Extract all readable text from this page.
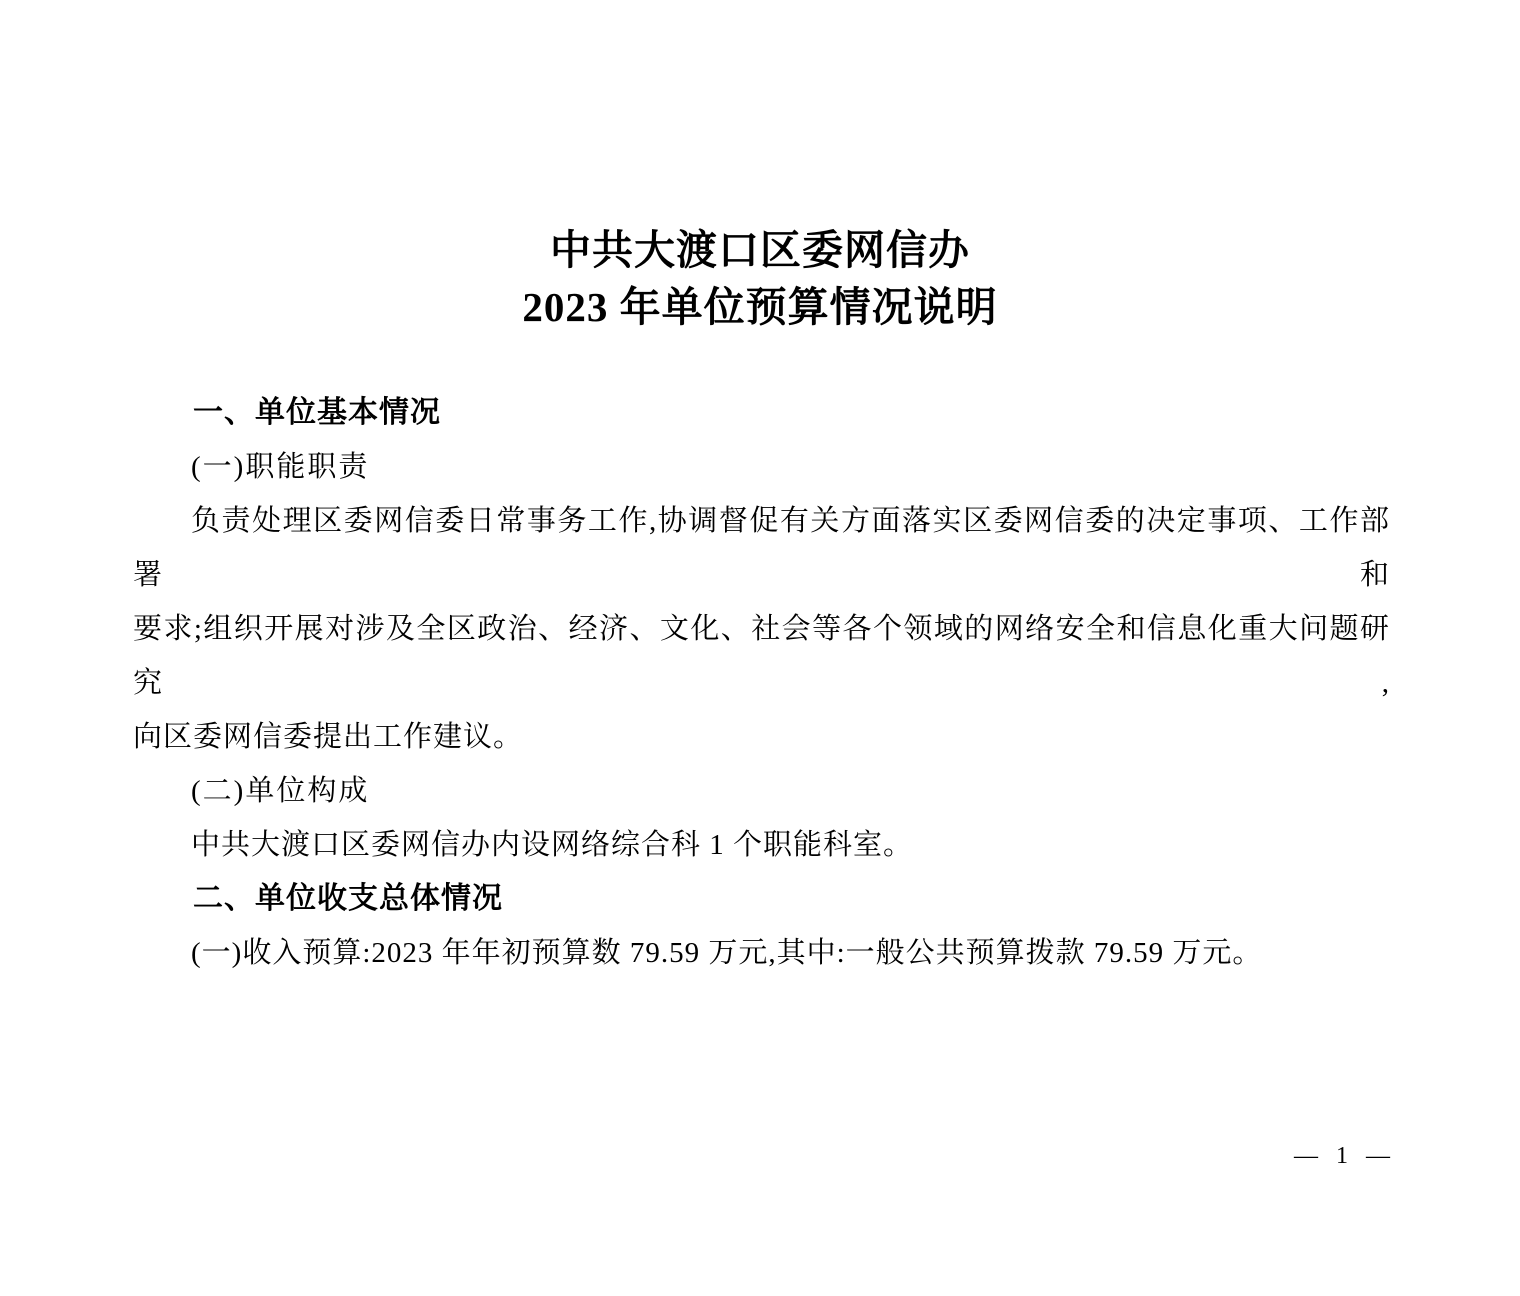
中共大渡口区委网信办
2023 年单位预算情况说明
一、单位基本情况

(一)职能职责

负责处理区委网信委日常事务工作,协调督促有关方面落实区委网信委的决定事项、工作部署和
要求;组织开展对涉及全区政治、经济、文化、社会等各个领域的网络安全和信息化重大问题研究,
向区委网信委提出工作建议。

(二)单位构成

中共大渡口区委网信办内设网络综合科 1 个职能科室。

二、单位收支总体情况

(一)收入预算:2023 年年初预算数 79.59 万元,其中:一般公共预算拨款 79.59 万元。

— 1 —
